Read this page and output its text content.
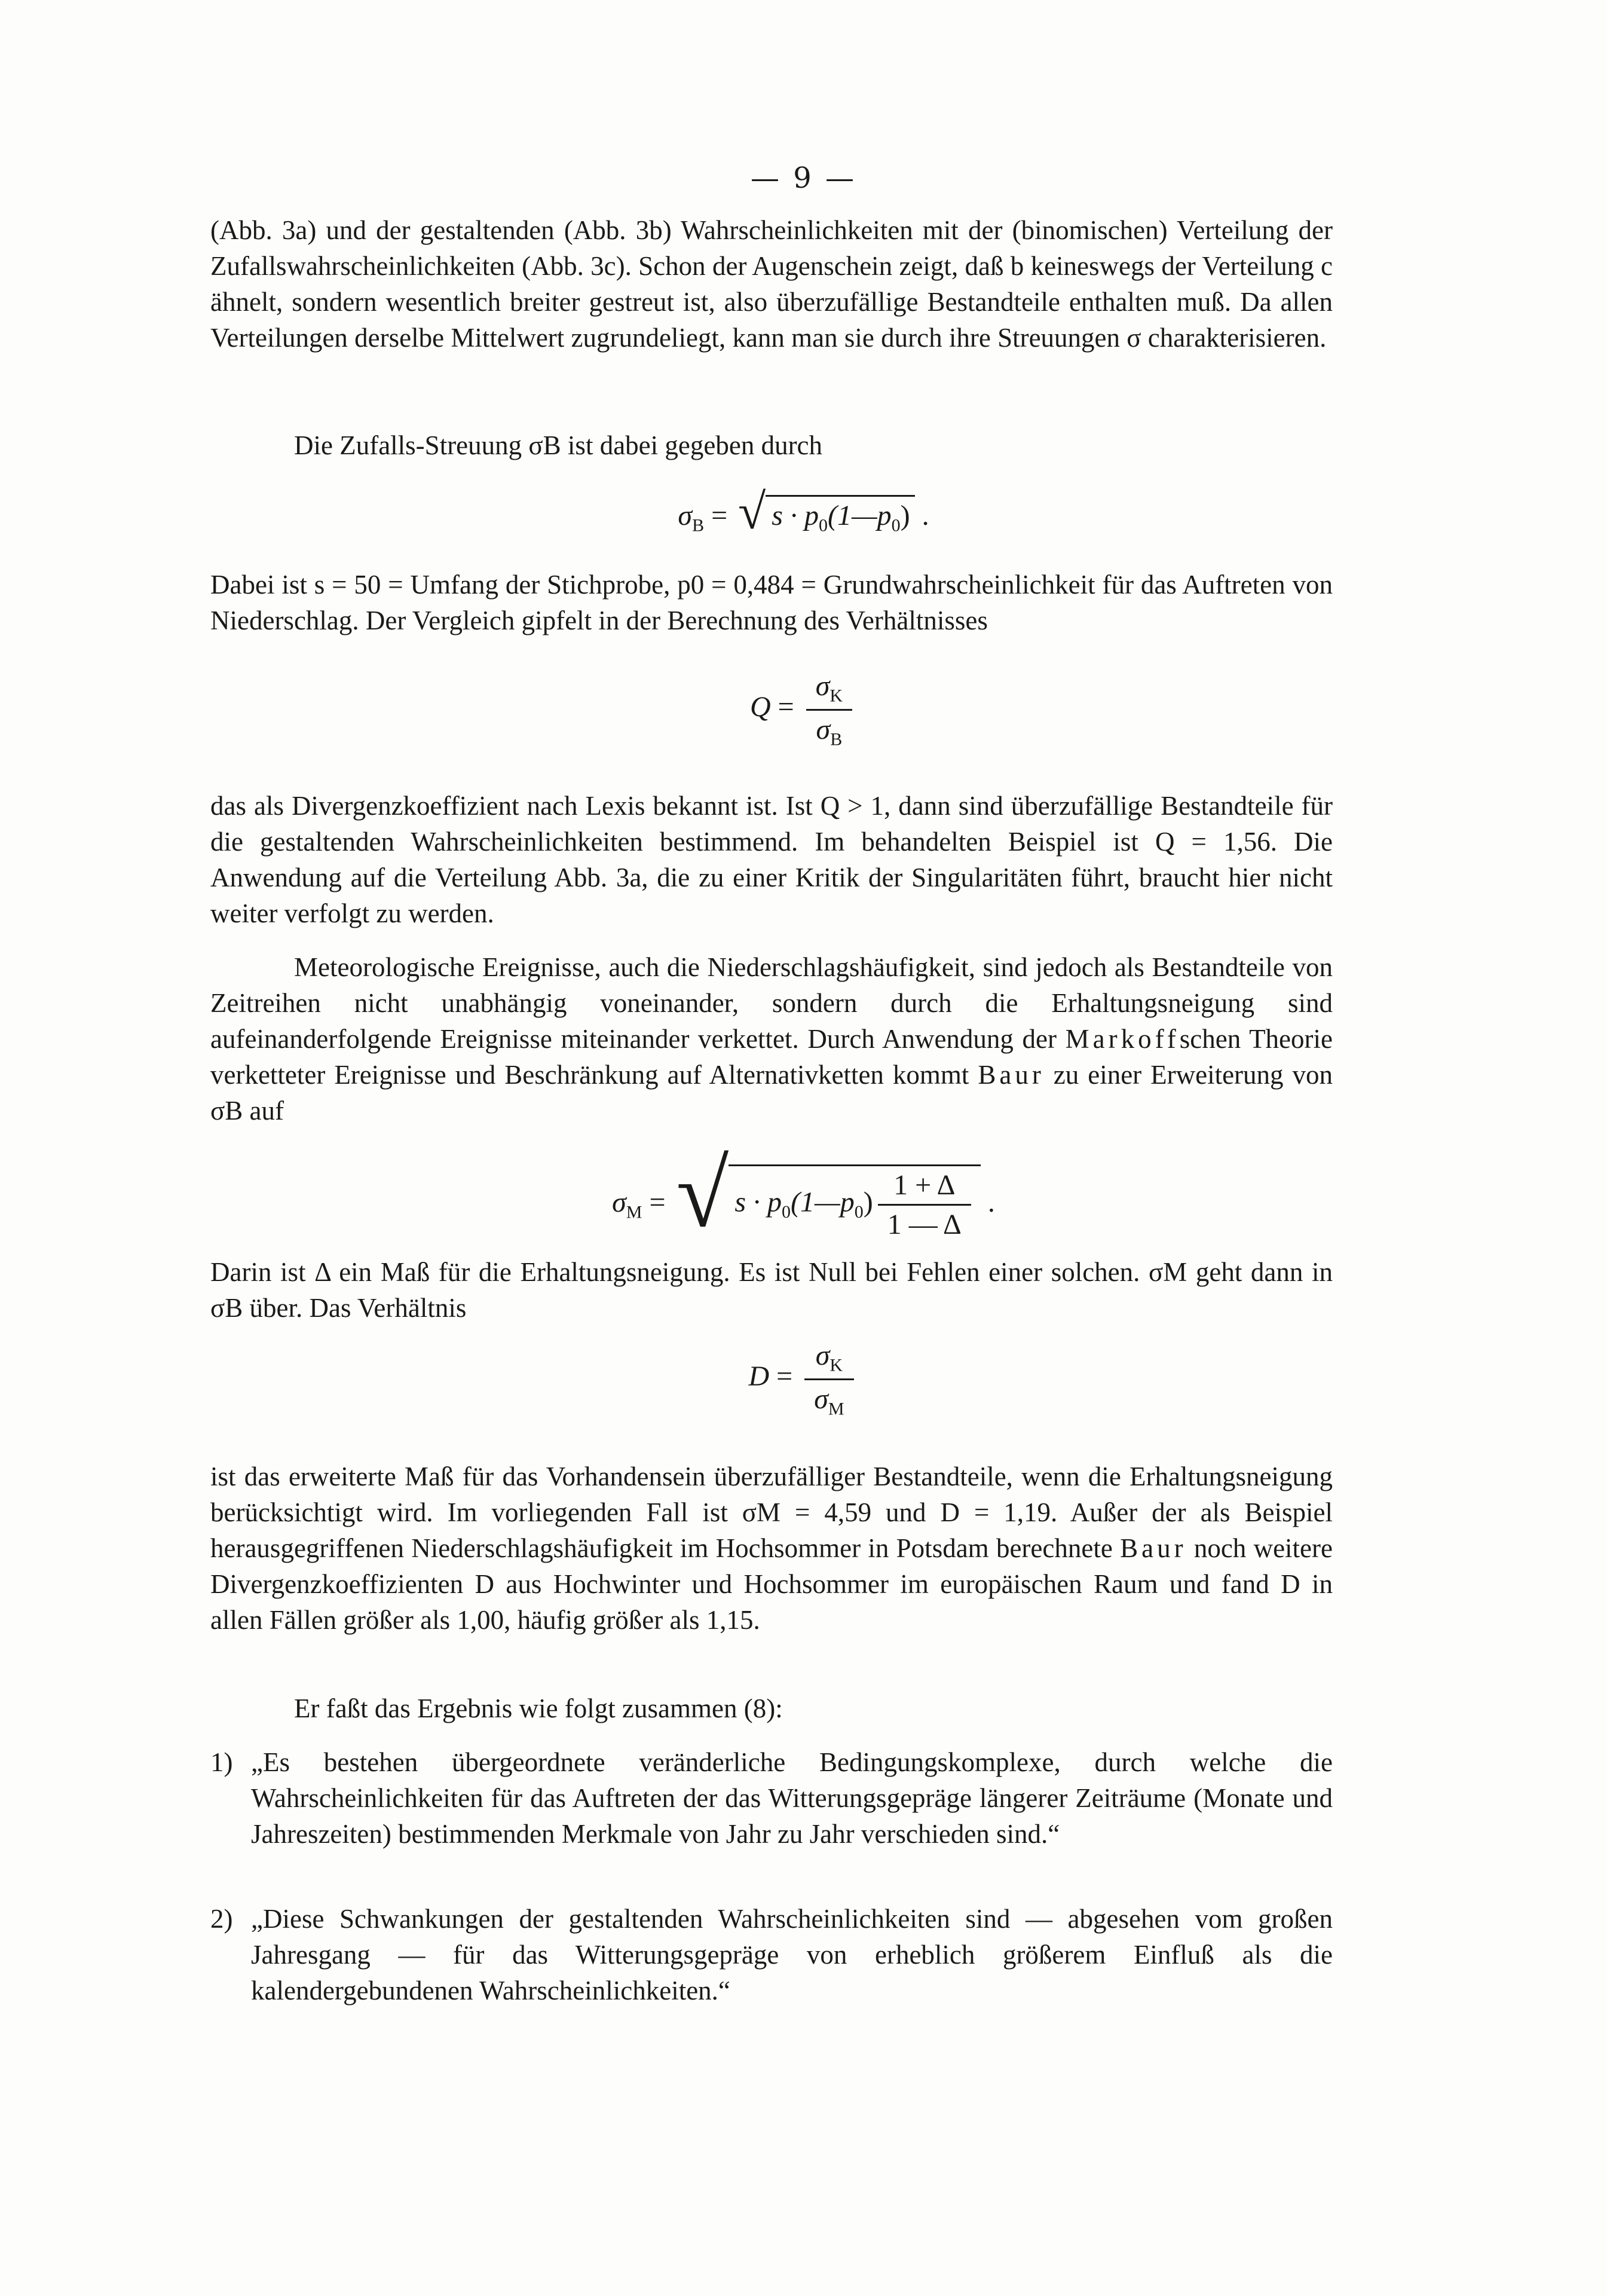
— 9 —

(Abb. 3a) und der gestaltenden (Abb. 3b) Wahrscheinlichkeiten mit der (binomischen) Verteilung der Zufallswahrscheinlichkeiten (Abb. 3c). Schon der Augenschein zeigt, daß b keineswegs der Verteilung c ähnelt, sondern wesentlich breiter gestreut ist, also überzufällige Bestandteile enthalten muß. Da allen Verteilungen derselbe Mittelwert zugrundeliegt, kann man sie durch ihre Streuungen σ charakterisieren.

Die Zufalls-Streuung σB ist dabei gegeben durch

$\sigma_B$ = √ $s \cdot p_0(1—p_0)$ .

Dabei ist s = 50 = Umfang der Stichprobe, p0 = 0,484 = Grundwahrscheinlichkeit für das Auftreten von Niederschlag. Der Vergleich gipfelt in der Berechnung des Verhältnisses

$Q = \frac{\sigma_K}{\sigma_B}$

das als Divergenzkoeffizient nach Lexis bekannt ist. Ist Q > 1, dann sind überzufällige Bestandteile für die gestaltenden Wahrscheinlichkeiten bestimmend. Im behandelten Beispiel ist Q = 1,56. Die Anwendung auf die Verteilung Abb. 3a, die zu einer Kritik der Singularitäten führt, braucht hier nicht weiter verfolgt zu werden.

Meteorologische Ereignisse, auch die Niederschlagshäufigkeit, sind jedoch als Bestandteile von Zeitreihen nicht unabhängig voneinander, sondern durch die Erhaltungsneigung sind aufeinanderfolgende Ereignisse miteinander verkettet. Durch Anwendung der Markoffschen Theorie verketteter Ereignisse und Beschränkung auf Alternativketten kommt Baur zu einer Erweiterung von σB auf

$\sigma_M$ = √ $s \cdot p_0(1—p_0) \frac{1 + \Delta}{1 — \Delta}$ .

Darin ist Δ ein Maß für die Erhaltungsneigung. Es ist Null bei Fehlen einer solchen. σM geht dann in σB über. Das Verhältnis

$D = \frac{\sigma_K}{\sigma_M}$

ist das erweiterte Maß für das Vorhandensein überzufälliger Bestandteile, wenn die Erhaltungsneigung berücksichtigt wird. Im vorliegenden Fall ist σM = 4,59 und D = 1,19. Außer der als Beispiel herausgegriffenen Niederschlagshäufigkeit im Hochsommer in Potsdam berechnete Baur noch weitere Divergenzkoeffizienten D aus Hochwinter und Hochsommer im europäischen Raum und fand D in allen Fällen größer als 1,00, häufig größer als 1,15.

Er faßt das Ergebnis wie folgt zusammen (8):

1) „Es bestehen übergeordnete veränderliche Bedingungskomplexe, durch welche die Wahrscheinlichkeiten für das Auftreten der das Witterungsgepräge längerer Zeiträume (Monate und Jahreszeiten) bestimmenden Merkmale von Jahr zu Jahr verschieden sind.“
2) „Diese Schwankungen der gestaltenden Wahrscheinlichkeiten sind — abgesehen vom großen Jahresgang — für das Witterungsgepräge von erheblich größerem Einfluß als die kalendergebundenen Wahrscheinlichkeiten.“
